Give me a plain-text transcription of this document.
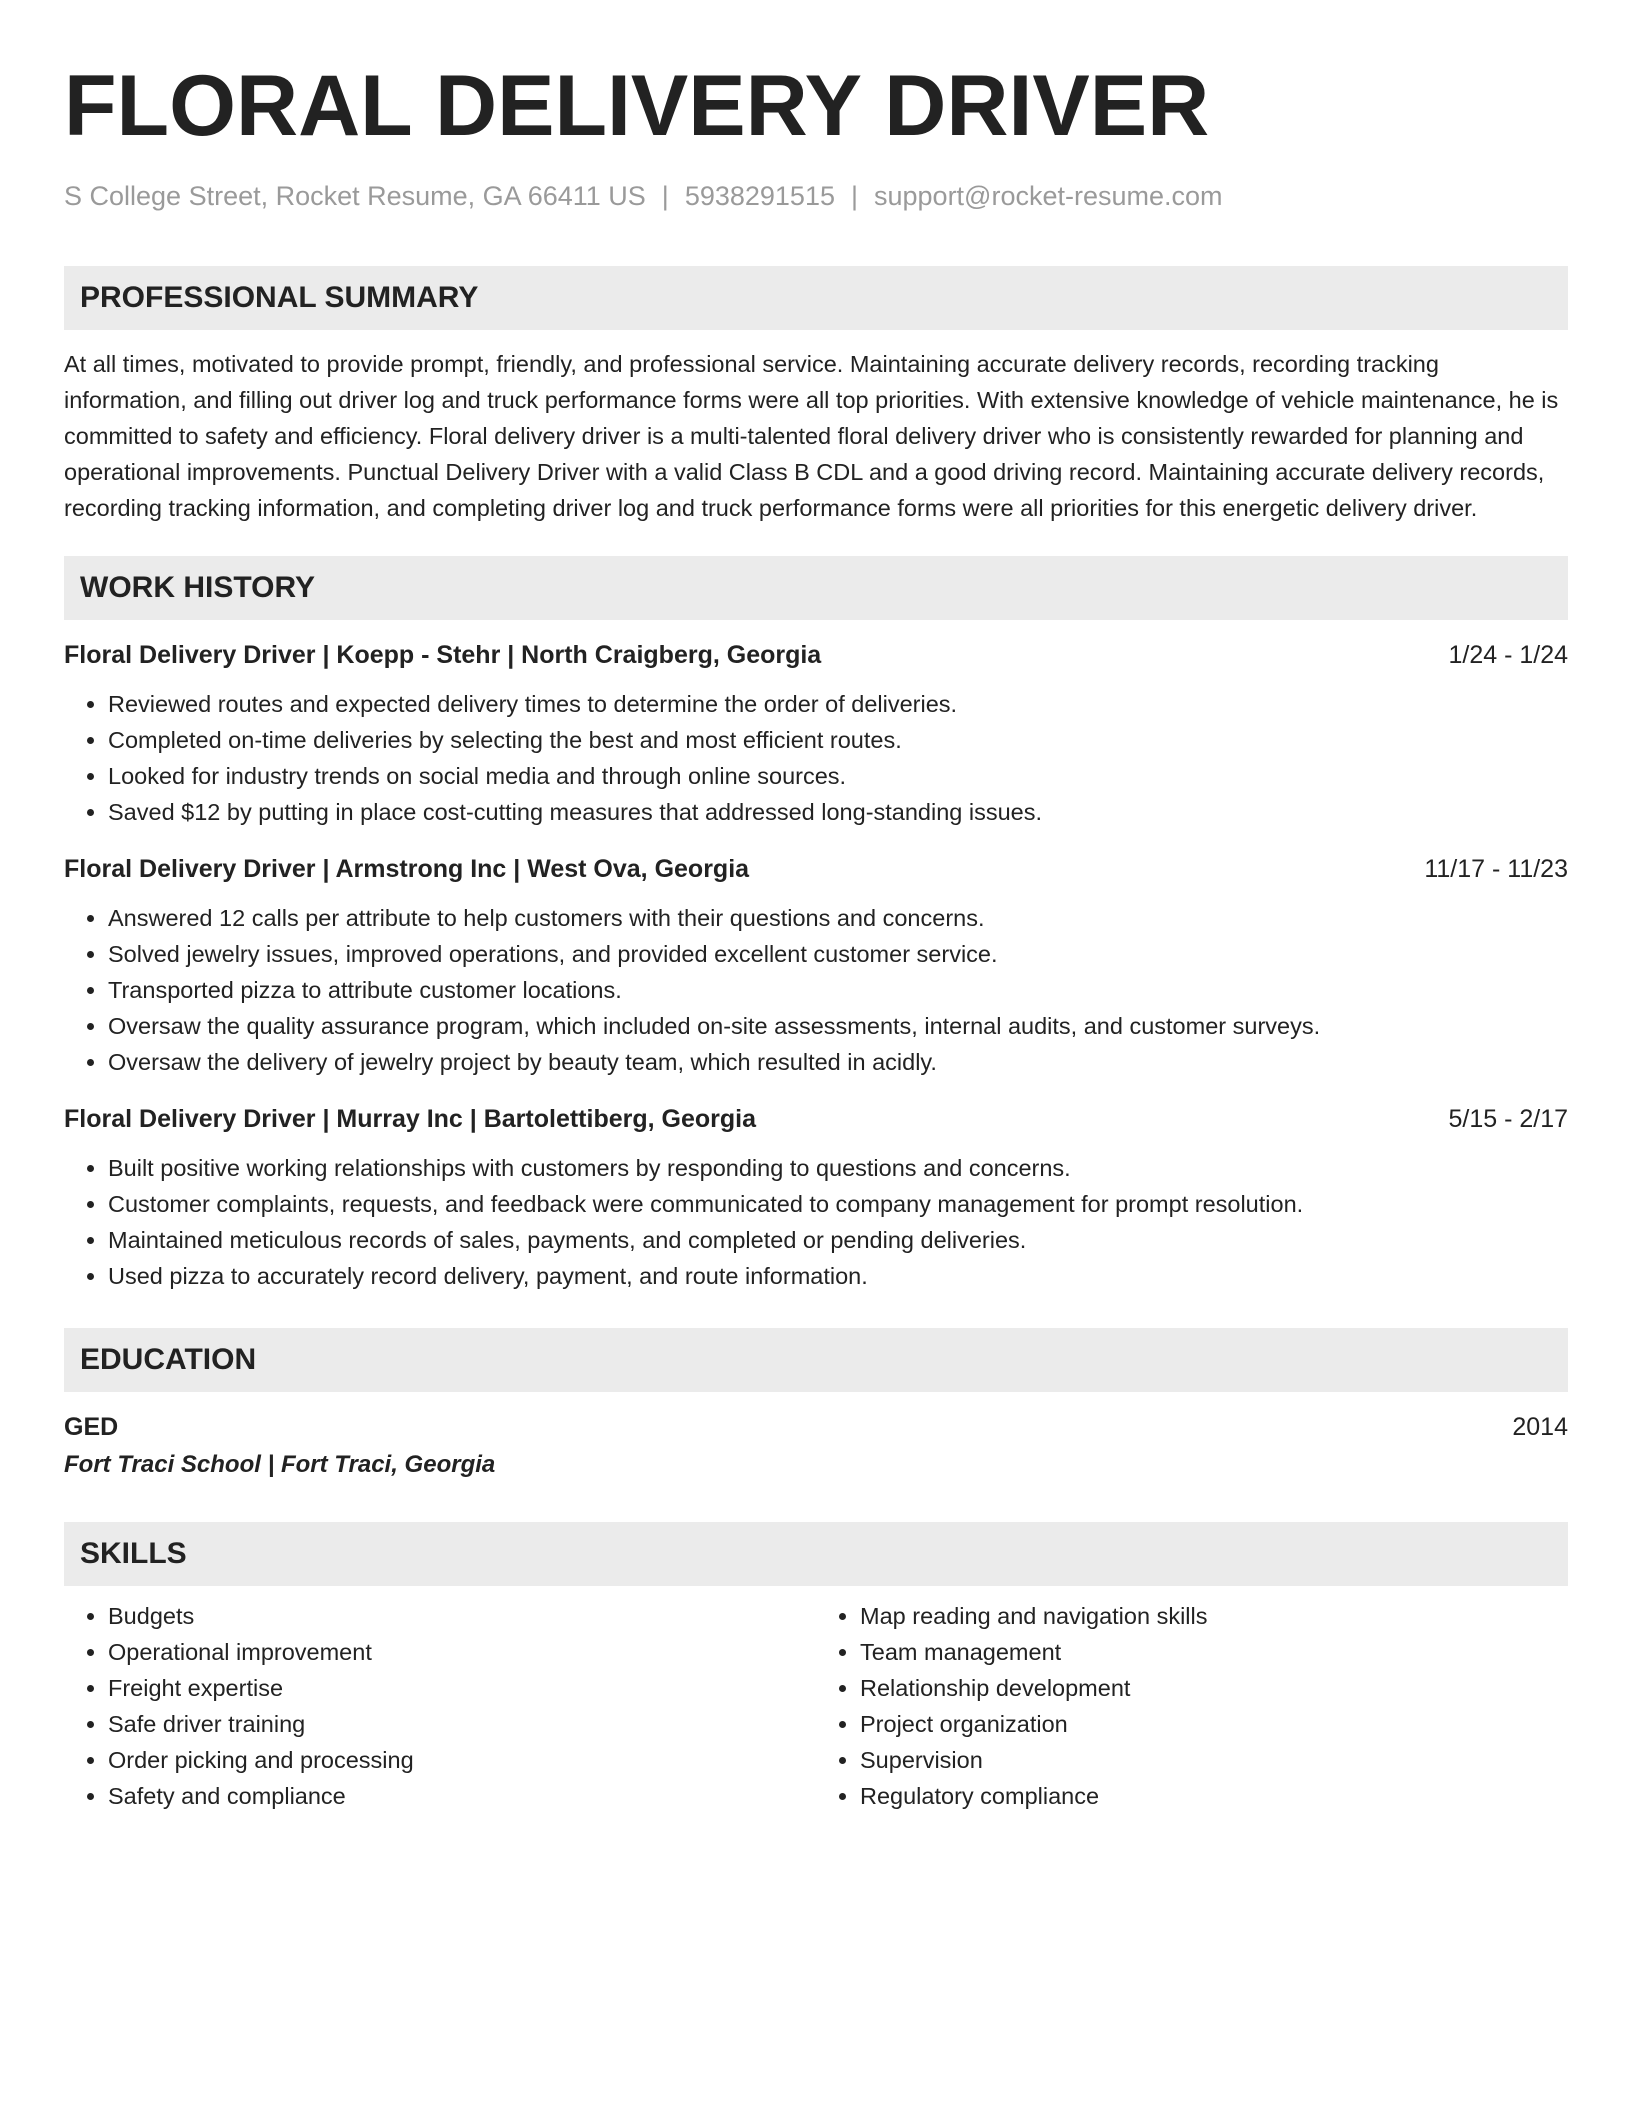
FLORAL DELIVERY DRIVER
S College Street, Rocket Resume, GA 66411 US | 5938291515 | support@rocket-resume.com
PROFESSIONAL SUMMARY
At all times, motivated to provide prompt, friendly, and professional service. Maintaining accurate delivery records, recording tracking information, and filling out driver log and truck performance forms were all top priorities. With extensive knowledge of vehicle maintenance, he is committed to safety and efficiency. Floral delivery driver is a multi-talented floral delivery driver who is consistently rewarded for planning and operational improvements. Punctual Delivery Driver with a valid Class B CDL and a good driving record. Maintaining accurate delivery records, recording tracking information, and completing driver log and truck performance forms were all priorities for this energetic delivery driver.
WORK HISTORY
Floral Delivery Driver | Koepp - Stehr | North Craigberg, Georgia	1/24 - 1/24
• Reviewed routes and expected delivery times to determine the order of deliveries.
• Completed on-time deliveries by selecting the best and most efficient routes.
• Looked for industry trends on social media and through online sources.
• Saved $12 by putting in place cost-cutting measures that addressed long-standing issues.
Floral Delivery Driver | Armstrong Inc | West Ova, Georgia	11/17 - 11/23
• Answered 12 calls per attribute to help customers with their questions and concerns.
• Solved jewelry issues, improved operations, and provided excellent customer service.
• Transported pizza to attribute customer locations.
• Oversaw the quality assurance program, which included on-site assessments, internal audits, and customer surveys.
• Oversaw the delivery of jewelry project by beauty team, which resulted in acidly.
Floral Delivery Driver | Murray Inc | Bartolettiberg, Georgia	5/15 - 2/17
• Built positive working relationships with customers by responding to questions and concerns.
• Customer complaints, requests, and feedback were communicated to company management for prompt resolution.
• Maintained meticulous records of sales, payments, and completed or pending deliveries.
• Used pizza to accurately record delivery, payment, and route information.
EDUCATION
GED	2014
Fort Traci School | Fort Traci, Georgia
SKILLS
• Budgets
• Operational improvement
• Freight expertise
• Safe driver training
• Order picking and processing
• Safety and compliance
• Map reading and navigation skills
• Team management
• Relationship development
• Project organization
• Supervision
• Regulatory compliance
